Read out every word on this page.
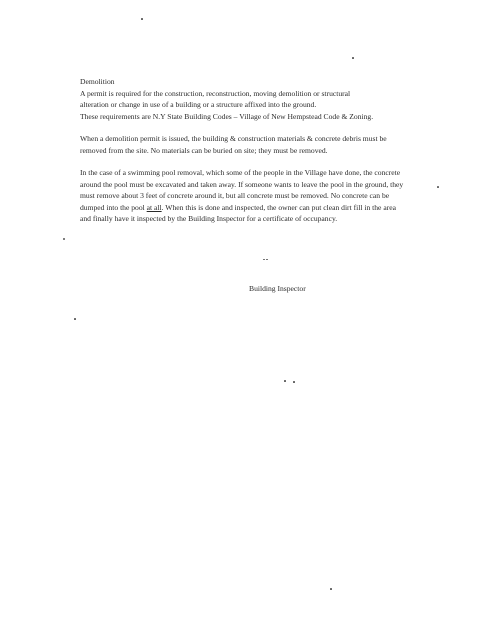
Demolition

A permit is required for the construction, reconstruction, moving demolition or structural
alteration or change in use of a building or a structure affixed into the ground.
These requirements are N.Y State Building Codes – Village of New Hempstead Code & Zoning.

When a demolition permit is issued, the building & construction materials & concrete debris must be
removed from the site. No materials can be buried on site; they must be removed.

In the case of a swimming pool removal, which some of the people in the Village have done, the concrete
around the pool must be excavated and taken away. If someone wants to leave the pool in the ground, they
must remove about 3 feet of concrete around it, but all concrete must be removed. No concrete can be
dumped into the pool at all. When this is done and inspected, the owner can put clean dirt fill in the area
and finally have it inspected by the Building Inspector for a certificate of occupancy.

Building Inspector
